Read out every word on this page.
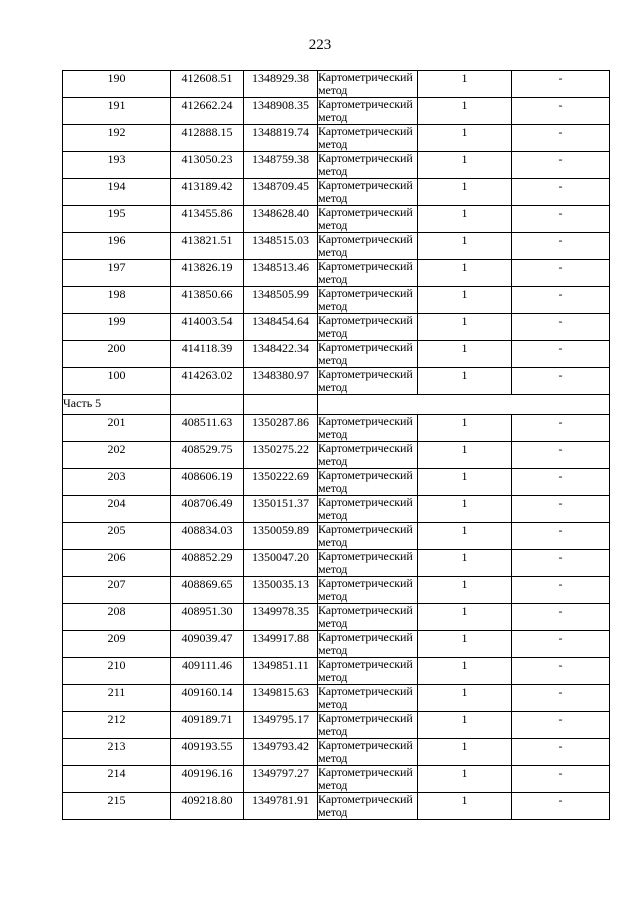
223
190	412608.51	1348929.38	Картометрический метод	1	-
191	412662.24	1348908.35	Картометрический метод	1	-
192	412888.15	1348819.74	Картометрический метод	1	-
193	413050.23	1348759.38	Картометрический метод	1	-
194	413189.42	1348709.45	Картометрический метод	1	-
195	413455.86	1348628.40	Картометрический метод	1	-
196	413821.51	1348515.03	Картометрический метод	1	-
197	413826.19	1348513.46	Картометрический метод	1	-
198	413850.66	1348505.99	Картометрический метод	1	-
199	414003.54	1348454.64	Картометрический метод	1	-
200	414118.39	1348422.34	Картометрический метод	1	-
100	414263.02	1348380.97	Картометрический метод	1	-
Часть 5					
201	408511.63	1350287.86	Картометрический метод	1	-
202	408529.75	1350275.22	Картометрический метод	1	-
203	408606.19	1350222.69	Картометрический метод	1	-
204	408706.49	1350151.37	Картометрический метод	1	-
205	408834.03	1350059.89	Картометрический метод	1	-
206	408852.29	1350047.20	Картометрический метод	1	-
207	408869.65	1350035.13	Картометрический метод	1	-
208	408951.30	1349978.35	Картометрический метод	1	-
209	409039.47	1349917.88	Картометрический метод	1	-
210	409111.46	1349851.11	Картометрический метод	1	-
211	409160.14	1349815.63	Картометрический метод	1	-
212	409189.71	1349795.17	Картометрический метод	1	-
213	409193.55	1349793.42	Картометрический метод	1	-
214	409196.16	1349797.27	Картометрический метод	1	-
215	409218.80	1349781.91	Картометрический метод	1	-
